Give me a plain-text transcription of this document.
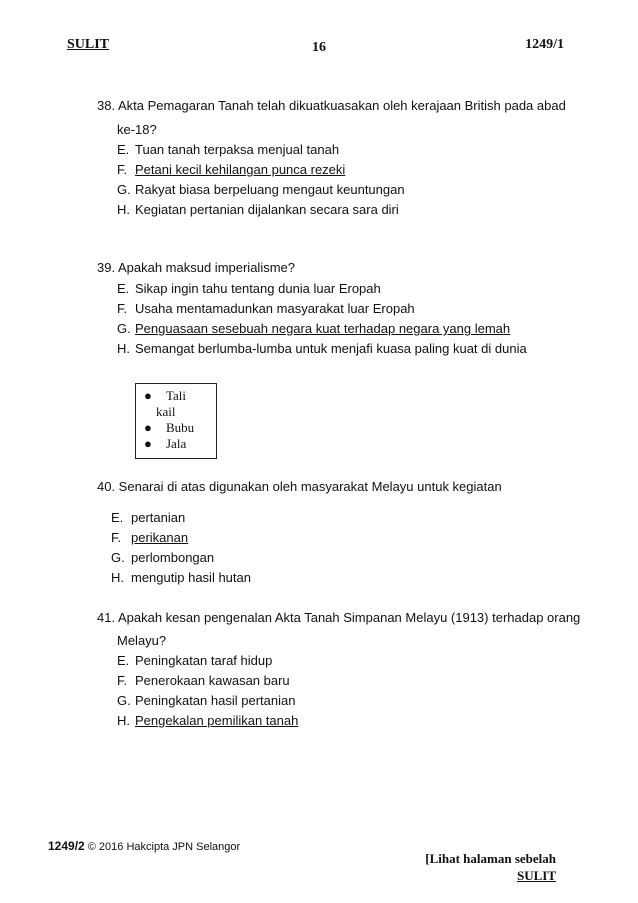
SULIT	16	1249/1

38. Akta Pemagaran Tanah telah dikuatkuasakan oleh kerajaan British pada abad

ke-18?

E. Tuan tanah terpaksa menjual tanah
F. Petani kecil kehilangan punca rezeki
G. Rakyat biasa berpeluang mengaut keuntungan
H. Kegiatan pertanian dijalankan secara sara diri

39. Apakah maksud imperialisme?

E. Sikap ingin tahu tentang dunia luar Eropah
F. Usaha mentamadunkan masyarakat luar Eropah
G. Penguasaan sesebuah negara kuat terhadap negara yang lemah
H. Semangat berlumba-lumba untuk menjafi kuasa paling kuat di dunia
●	Tali
kail
●	Bubu
●	Jala

40. Senarai di atas digunakan oleh masyarakat Melayu untuk kegiatan

E. pertanian
F. perikanan
G. perlombongan
H. mengutip hasil hutan

41. Apakah kesan pengenalan Akta Tanah Simpanan Melayu (1913) terhadap orang

Melayu?

E. Peningkatan taraf hidup
F. Penerokaan kawasan baru
G. Peningkatan hasil pertanian
H. Pengekalan pemilikan tanah
1249/2 © 2016 Hakcipta JPN Selangor
[Lihat halaman sebelah
SULIT
